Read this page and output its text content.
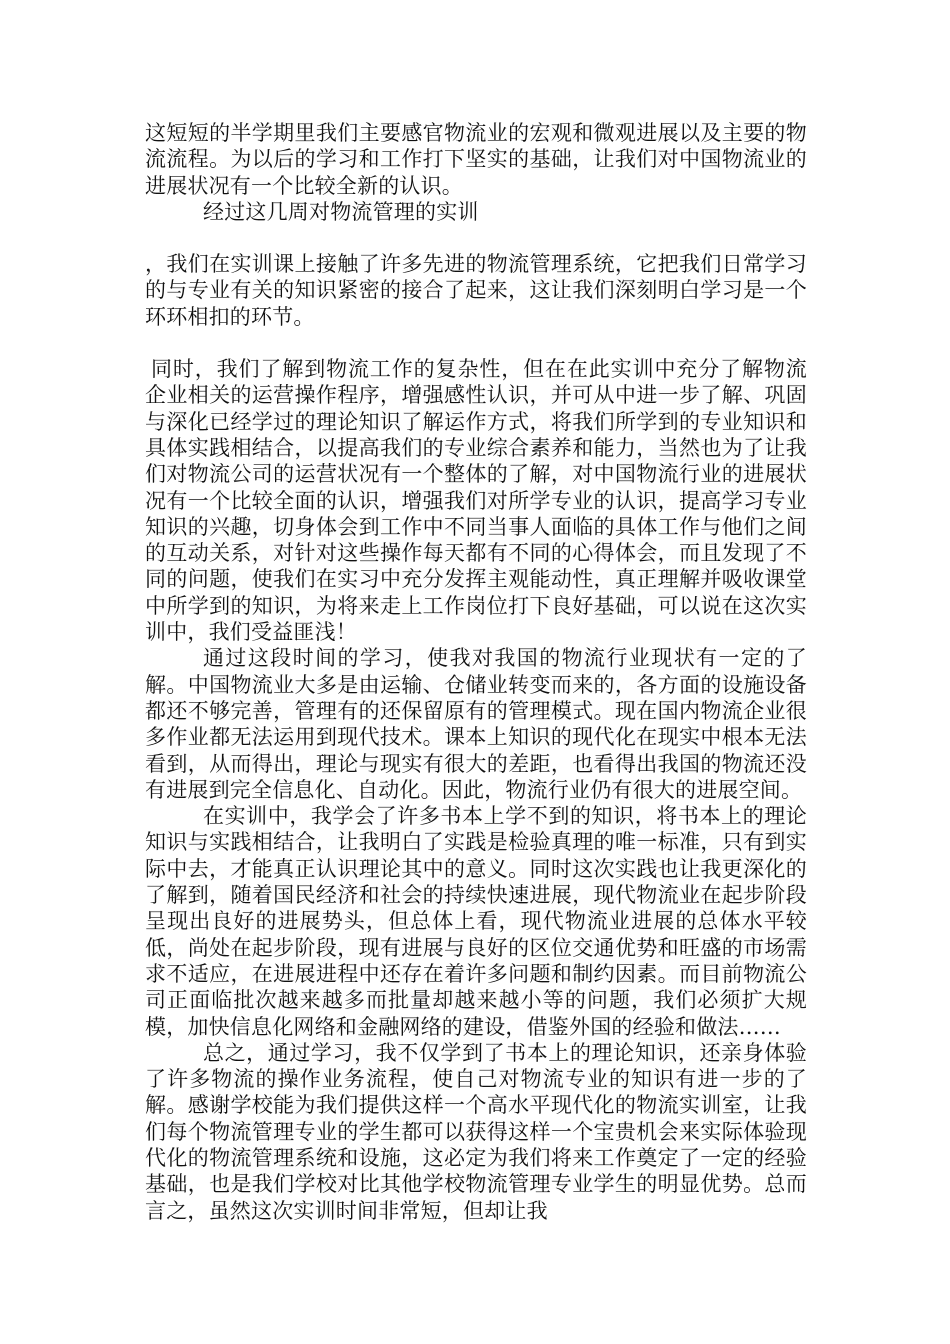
这短短的半学期里我们主要感官物流业的宏观和微观进展以及主要的物流流程。为以后的学习和工作打下坚实的基础，让我们对中国物流业的进展状况有一个比较全新的认识。

经过这几周对物流管理的实训

，我们在实训课上接触了许多先进的物流管理系统，它把我们日常学习的与专业有关的知识紧密的接合了起来，这让我们深刻明白学习是一个环环相扣的环节。

同时，我们了解到物流工作的复杂性，但在在此实训中充分了解物流企业相关的运营操作程序，增强感性认识，并可从中进一步了解、巩固与深化已经学过的理论知识了解运作方式，将我们所学到的专业知识和具体实践相结合，以提高我们的专业综合素养和能力，当然也为了让我们对物流公司的运营状况有一个整体的了解，对中国物流行业的进展状况有一个比较全面的认识，增强我们对所学专业的认识，提高学习专业知识的兴趣，切身体会到工作中不同当事人面临的具体工作与他们之间的互动关系，对针对这些操作每天都有不同的心得体会，而且发现了不同的问题，使我们在实习中充分发挥主观能动性，真正理解并吸收课堂中所学到的知识，为将来走上工作岗位打下良好基础，可以说在这次实训中，我们受益匪浅！

通过这段时间的学习，使我对我国的物流行业现状有一定的了解。中国物流业大多是由运输、仓储业转变而来的，各方面的设施设备都还不够完善，管理有的还保留原有的管理模式。现在国内物流企业很多作业都无法运用到现代技术。课本上知识的现代化在现实中根本无法看到，从而得出，理论与现实有很大的差距，也看得出我国的物流还没有进展到完全信息化、自动化。因此，物流行业仍有很大的进展空间。

在实训中，我学会了许多书本上学不到的知识，将书本上的理论知识与实践相结合，让我明白了实践是检验真理的唯一标准，只有到实际中去，才能真正认识理论其中的意义。同时这次实践也让我更深化的了解到，随着国民经济和社会的持续快速进展，现代物流业在起步阶段呈现出良好的进展势头，但总体上看，现代物流业进展的总体水平较低，尚处在起步阶段，现有进展与良好的区位交通优势和旺盛的市场需求不适应，在进展进程中还存在着许多问题和制约因素。而目前物流公司正面临批次越来越多而批量却越来越小等的问题，我们必须扩大规模，加快信息化网络和金融网络的建设，借鉴外国的经验和做法……

总之，通过学习，我不仅学到了书本上的理论知识，还亲身体验了许多物流的操作业务流程，使自己对物流专业的知识有进一步的了解。感谢学校能为我们提供这样一个高水平现代化的物流实训室，让我们每个物流管理专业的学生都可以获得这样一个宝贵机会来实际体验现代化的物流管理系统和设施，这必定为我们将来工作奠定了一定的经验基础，也是我们学校对比其他学校物流管理专业学生的明显优势。总而言之，虽然这次实训时间非常短，但却让我
